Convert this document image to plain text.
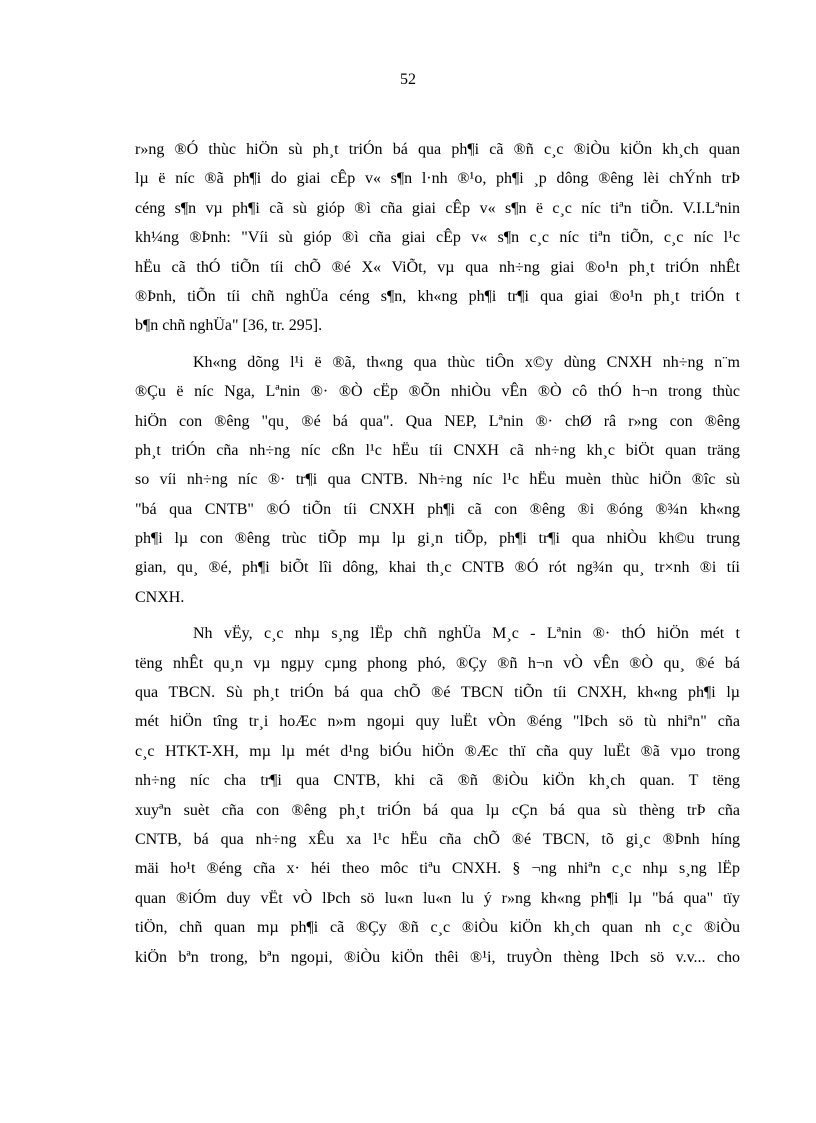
52
r»ng ®Ó thùc hiÖn sù ph¸t triÓn bá qua ph¶i cã ®ñ c¸c ®iÒu kiÖn kh¸ch quan
lµ ë níc ®ã ph¶i do giai cÊp v« s¶n l·nh ®¹o, ph¶i ¸p dông ®êng lèi chÝnh trÞ
céng s¶n vµ ph¶i cã sù gióp ®ì cña giai cÊp v« s¶n ë c¸c níc tiªn tiÕn. V.I.Lªnin
kh¼ng ®Þnh: "Víi sù gióp ®ì cña giai cÊp v« s¶n c¸c níc tiªn tiÕn, c¸c níc l¹c
hËu cã thÓ tiÕn tíi chÕ ®é X« ViÕt, vµ qua nh÷ng giai ®o¹n ph¸t triÓn nhÊt
®Þnh, tiÕn tíi chñ nghÜa céng s¶n, kh«ng ph¶i tr¶i qua giai ®o¹n ph¸t triÓn t
b¶n chñ nghÜa" [36, tr. 295].
Kh«ng dõng l¹i ë ®ã, th«ng qua thùc tiÔn x©y dùng CNXH nh÷ng n¨m
®Çu ë níc Nga, Lªnin ®· ®Ò cËp ®Õn nhiÒu vÊn ®Ò cô thÓ h¬n trong thùc
hiÖn con ®êng "qu¸ ®é bá qua". Qua NEP, Lªnin ®· chØ râ r»ng con ®êng
ph¸t triÓn cña nh÷ng níc cßn l¹c hËu tíi CNXH cã nh÷ng kh¸c biÖt quan träng
so víi nh÷ng níc ®· tr¶i qua CNTB. Nh÷ng níc l¹c hËu muèn thùc hiÖn ®îc sù
"bá qua CNTB" ®Ó tiÕn tíi CNXH ph¶i cã con ®êng ®i ®óng ®¾n kh«ng
ph¶i lµ con ®êng trùc tiÕp mµ lµ gi¸n tiÕp, ph¶i tr¶i qua nhiÒu kh©u trung
gian, qu¸ ®é, ph¶i biÕt lîi dông, khai th¸c CNTB ®Ó rót ng¾n qu¸ tr×nh ®i tíi
CNXH.
Nh vËy, c¸c nhµ s¸ng lËp chñ nghÜa M¸c - Lªnin ®· thÓ hiÖn mét t
tëng nhÊt qu¸n vµ ngµy cµng phong phó, ®Çy ®ñ h¬n vÒ vÊn ®Ò qu¸ ®é bá
qua TBCN. Sù ph¸t triÓn bá qua chÕ ®é TBCN tiÕn tíi CNXH, kh«ng ph¶i lµ
mét hiÖn tîng tr¸i hoÆc n»m ngoµi quy luËt vÒn ®éng "lÞch sö tù nhiªn" cña
c¸c HTKT-XH, mµ lµ mét d¹ng biÓu hiÖn ®Æc thï cña quy luËt ®ã vµo trong
nh÷ng níc cha tr¶i qua CNTB, khi cã ®ñ ®iÒu kiÖn kh¸ch quan. T tëng
xuyªn suèt cña con ®êng ph¸t triÓn bá qua lµ cÇn bá qua sù thèng trÞ cña
CNTB, bá qua nh÷ng xÊu xa l¹c hËu cña chÕ ®é TBCN, tõ gi¸c ®Þnh híng
mäi ho¹t ®éng cña x· héi theo môc tiªu CNXH. § ¬ng nhiªn c¸c nhµ s¸ng lËp
quan ®iÓm duy vËt vÒ lÞch sö lu«n lu«n lu ý r»ng kh«ng ph¶i lµ "bá qua" tïy
tiÖn, chñ quan mµ ph¶i cã ®Çy ®ñ c¸c ®iÒu kiÖn kh¸ch quan nh c¸c ®iÒu
kiÖn bªn trong, bªn ngoµi, ®iÒu kiÖn thêi ®¹i, truyÒn thèng lÞch sö v.v... cho
